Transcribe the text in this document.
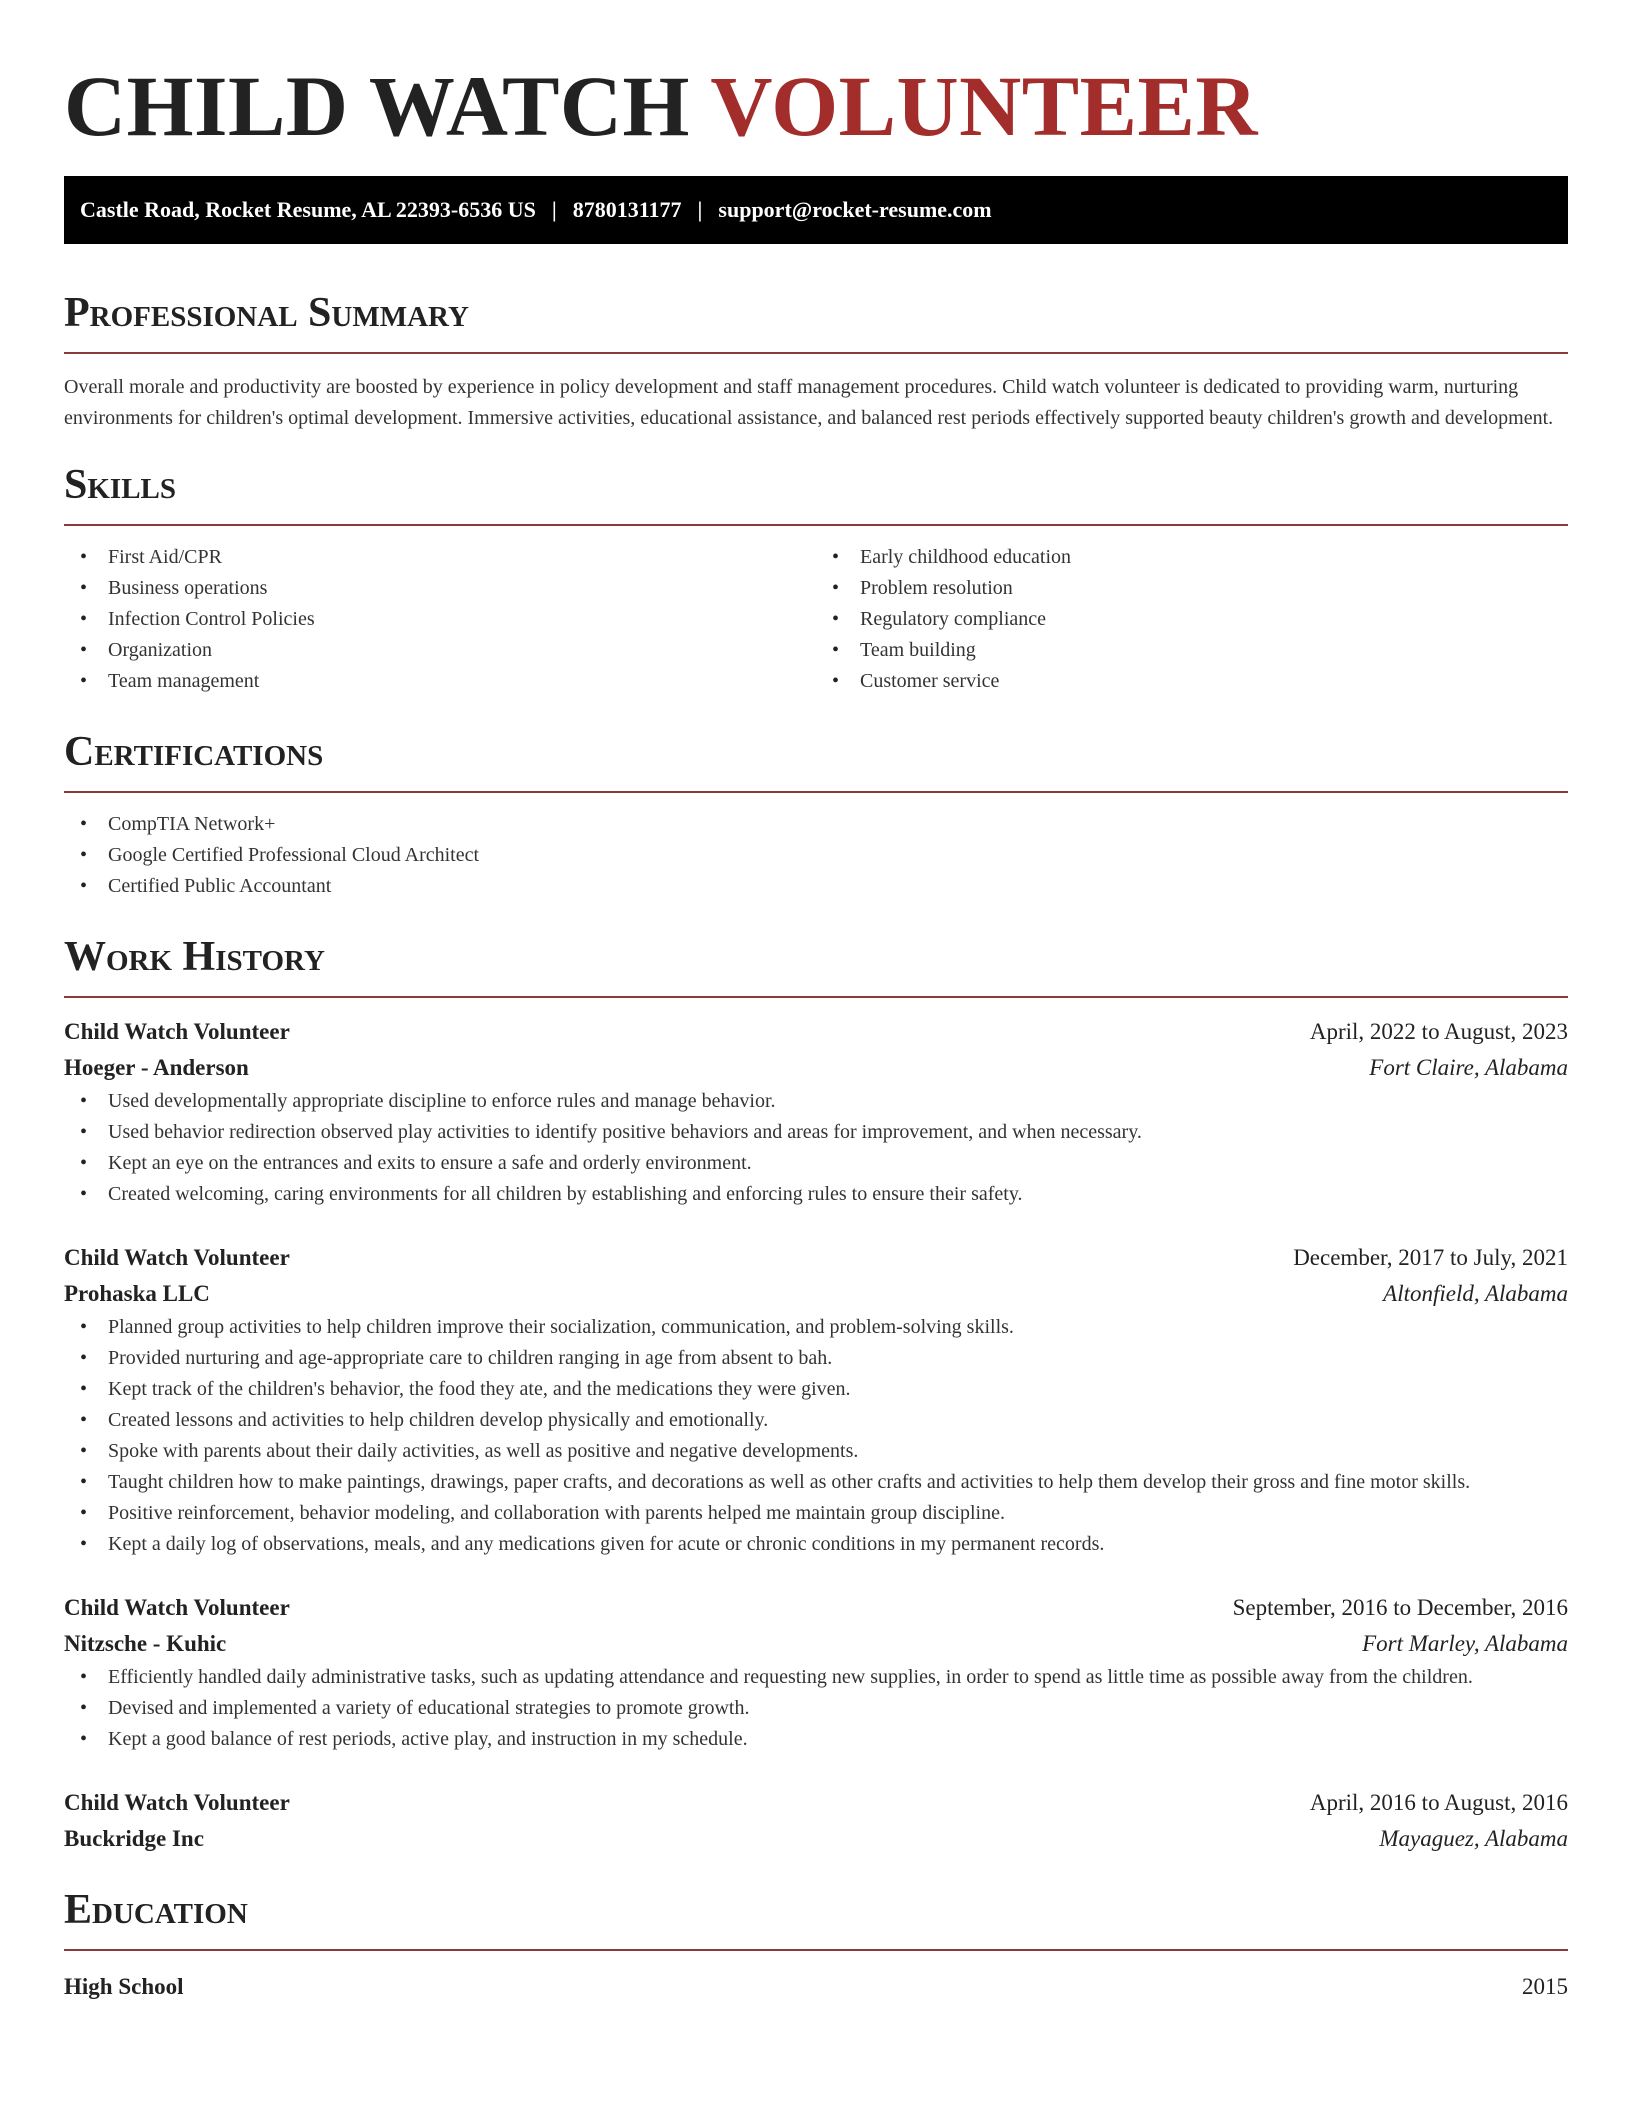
CHILD WATCH VOLUNTEER
Castle Road, Rocket Resume, AL 22393-6536 US | 8780131177 | support@rocket-resume.com
Professional Summary

Overall morale and productivity are boosted by experience in policy development and staff management procedures. Child watch volunteer is dedicated to providing warm, nurturing environments for children's optimal development. Immersive activities, educational assistance, and balanced rest periods effectively supported beauty children's growth and development.

Skills
• First Aid/CPR
• Business operations
• Infection Control Policies
• Organization
• Team management
• Early childhood education
• Problem resolution
• Regulatory compliance
• Team building
• Customer service
Certifications
• CompTIA Network+
• Google Certified Professional Cloud Architect
• Certified Public Accountant
Work History
Child Watch Volunteer	April, 2022 to August, 2023
Hoeger - Anderson	Fort Claire, Alabama
• Used developmentally appropriate discipline to enforce rules and manage behavior.
• Used behavior redirection observed play activities to identify positive behaviors and areas for improvement, and when necessary.
• Kept an eye on the entrances and exits to ensure a safe and orderly environment.
• Created welcoming, caring environments for all children by establishing and enforcing rules to ensure their safety.
Child Watch Volunteer	December, 2017 to July, 2021
Prohaska LLC	Altonfield, Alabama
• Planned group activities to help children improve their socialization, communication, and problem-solving skills.
• Provided nurturing and age-appropriate care to children ranging in age from absent to bah.
• Kept track of the children's behavior, the food they ate, and the medications they were given.
• Created lessons and activities to help children develop physically and emotionally.
• Spoke with parents about their daily activities, as well as positive and negative developments.
• Taught children how to make paintings, drawings, paper crafts, and decorations as well as other crafts and activities to help them develop their gross and fine motor skills.
• Positive reinforcement, behavior modeling, and collaboration with parents helped me maintain group discipline.
• Kept a daily log of observations, meals, and any medications given for acute or chronic conditions in my permanent records.
Child Watch Volunteer	September, 2016 to December, 2016
Nitzsche - Kuhic	Fort Marley, Alabama
• Efficiently handled daily administrative tasks, such as updating attendance and requesting new supplies, in order to spend as little time as possible away from the children.
• Devised and implemented a variety of educational strategies to promote growth.
• Kept a good balance of rest periods, active play, and instruction in my schedule.
Child Watch Volunteer	April, 2016 to August, 2016
Buckridge Inc	Mayaguez, Alabama
Education
High School	2015
